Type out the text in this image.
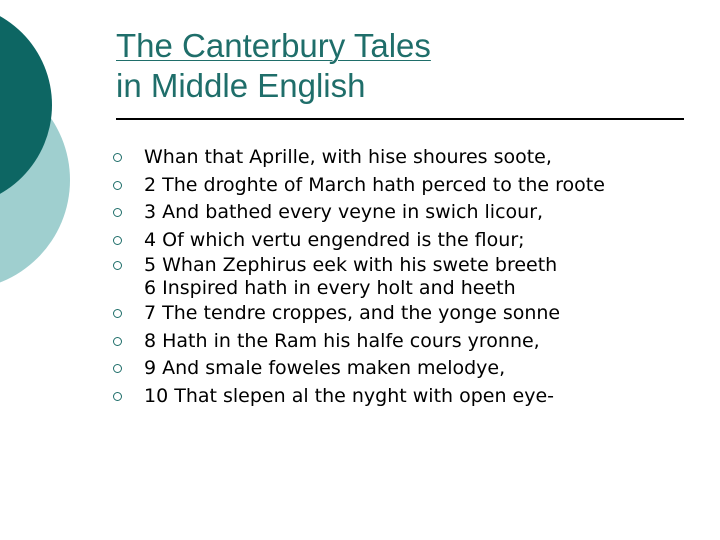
The Canterbury Tales
in Middle English
Whan that Aprille, with hise shoures soote,
2 The droghte of March hath perced to the roote
3 And bathed every veyne in swich licour,
4 Of which vertu engendred is the flour;
5 Whan Zephirus eek with his swete breeth
6 Inspired hath in every holt and heeth
7 The tendre croppes, and the yonge sonne
8 Hath in the Ram his halfe cours yronne,
9 And smale foweles maken melodye,
10 That slepen al the nyght with open eye-
